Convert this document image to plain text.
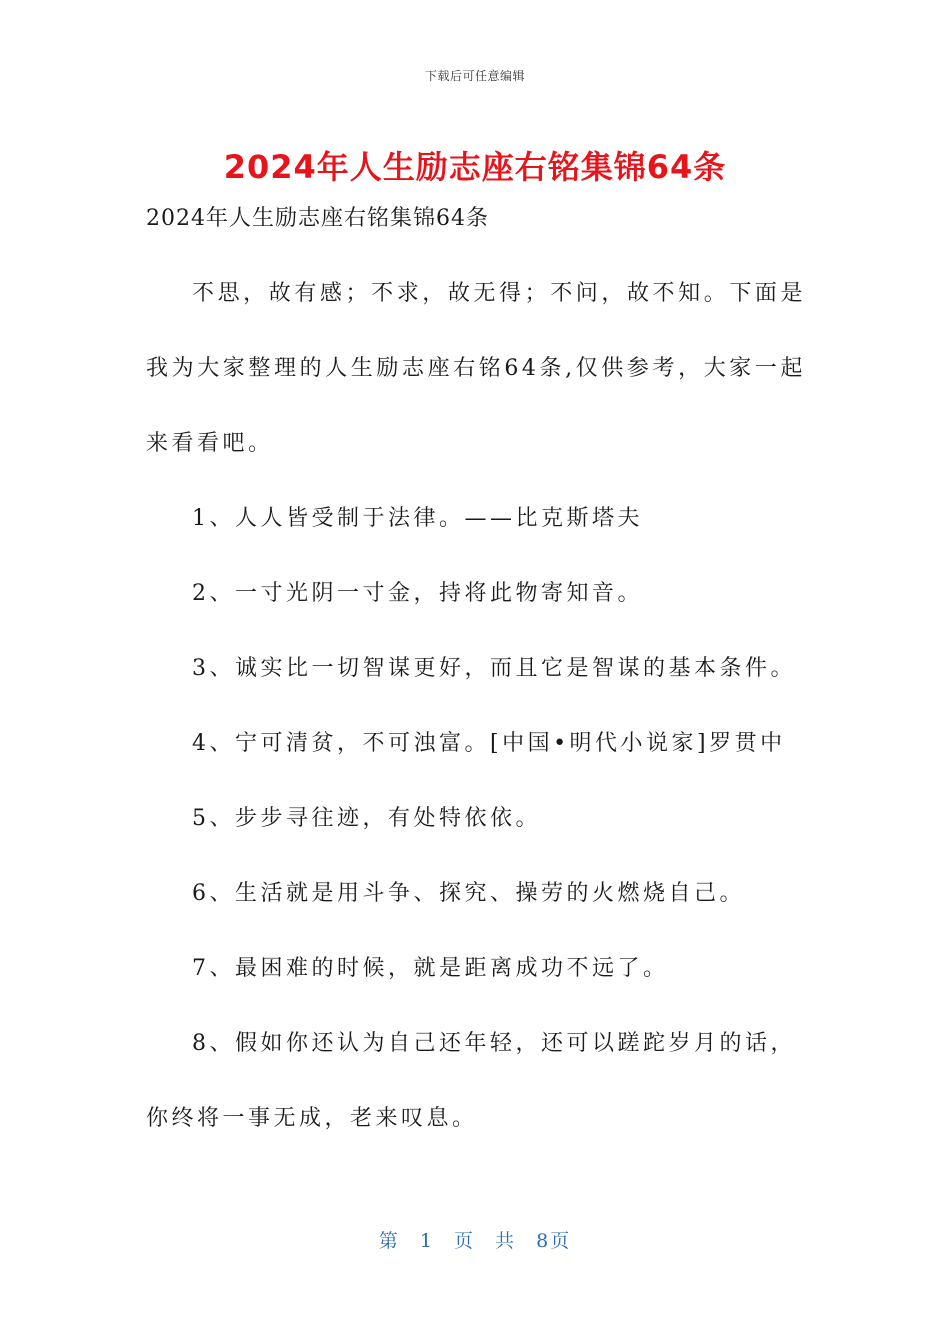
下载后可任意编辑
2024年人生励志座右铭集锦64条

2024年人生励志座右铭集锦64条

不思，故有感；不求，故无得；不问，故不知。下面是我为大家整理的人生励志座右铭64条,仅供参考，大家一起来看看吧。

1、人人皆受制于法律。——比克斯塔夫

2、一寸光阴一寸金，持将此物寄知音。

3、诚实比一切智谋更好，而且它是智谋的基本条件。

4、宁可清贫，不可浊富。[中国•明代小说家]罗贯中

5、步步寻往迹，有处特依依。

6、生活就是用斗争、探究、操劳的火燃烧自己。

7、最困难的时候，就是距离成功不远了。

8、假如你还认为自己还年轻，还可以蹉跎岁月的话，你终将一事无成，老来叹息。

第 1 页 共 8页
